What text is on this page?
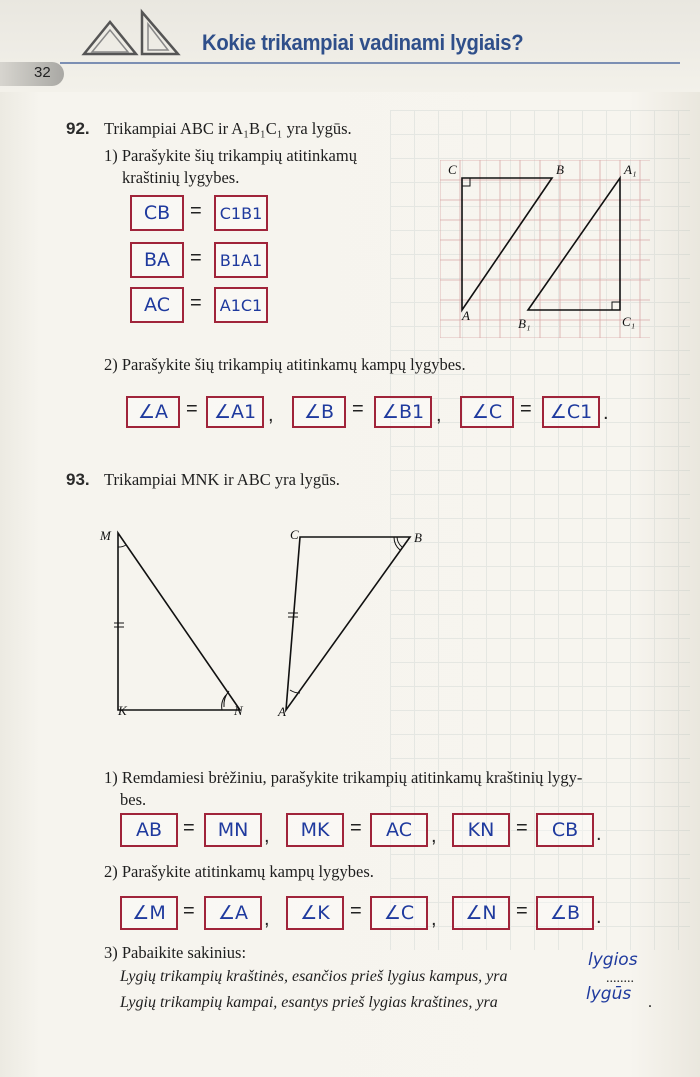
Kokie trikampiai vadinami lygiais?
32
92. Trikampiai ABC ir A₁B₁C₁ yra lygūs.
1) Parašykite šių trikampių atitinkamų
kraštinių lygybes.
CB =	C1B1
BA =	B1A1
AC	=	A1C1
C	B	A₁
A
B₁	C₁
2) Parašykite šių trikampių atitinkamų kampų lygybes.
∠A = ∠A1 ,	∠B = ∠B1 ,	∠C = ∠C1 .
93. Trikampiai MNK ir ABC yra lygūs.
M
K	N
C	B
A
1) Remdamiesi brėžiniu, parašykite trikampių atitinkamų kraštinių lygy-
bes.
AB	=	MN ,	MK	=	AC ,	KN	=	CB .
2) Parašykite atitinkamų kampų lygybes.
∠M =	∠A ,	∠K	=	∠C ,	∠N =	∠B .
3) Pabaikite sakinius:
Lygių trikampių kraštinės, esančios prieš lygius kampus, yra
Lygių trikampių kampai, esantys prieš lygias kraštines, yra
lygios
........
lygūs .
